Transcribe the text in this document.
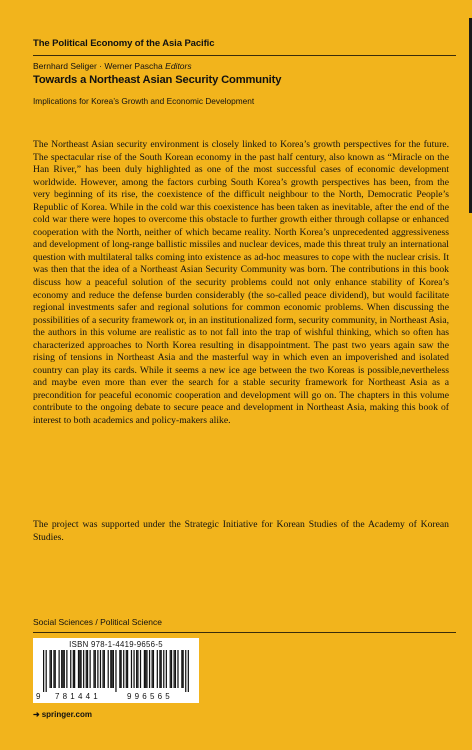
The Political Economy of the Asia Pacific
Bernhard Seliger · Werner Pascha Editors
Towards a Northeast Asian Security Community
Implications for Korea’s Growth and Economic Development

The Northeast Asian security environment is closely linked to Korea’s growth perspectives for the future. The spectacular rise of the South Korean economy in the past half century, also known as “Miracle on the Han River,” has been duly highlighted as one of the most successful cases of economic development worldwide. However, among the factors curbing South Korea’s growth perspectives has been, from the very beginning of its rise, the coexistence of the difficult neighbour to the North, Democratic People’s Republic of Korea. While in the cold war this coexistence has been taken as inevitable, after the end of the cold war there were hopes to overcome this obstacle to further growth either through collapse or enhanced cooperation with the North, neither of which became reality. North Korea’s unprecedented aggressiveness and development of long-range ballistic missiles and nuclear devices, made this threat truly an international question with multilateral talks coming into existence as ad-hoc measures to cope with the nuclear crisis. It was then that the idea of a Northeast Asian Security Community was born. The contributions in this book discuss how a peaceful solution of the security problems could not only enhance stability of Korea’s economy and reduce the defense burden considerably (the so-called peace dividend), but would facilitate regional investments safer and regional solutions for common economic problems. When discussing the possibilities of a security framework or, in an institutionalized form, security community, in Northeast Asia, the authors in this volume are realistic as to not fall into the trap of wishful thinking, which so often has characterized approaches to North Korea resulting in disappointment. The past two years again saw the rising of tensions in Northeast Asia and the masterful way in which even an impoverished and isolated country can play its cards. While it seems a new ice age between the two Koreas is possible,nevertheless and maybe even more than ever the search for a stable security framework for Northeast Asia as a precondition for peaceful economic cooperation and development will go on. The chapters in this volume contribute to the ongoing debate to secure peace and development in Northeast Asia, making this book of interest to both academics and policy-makers alike.

The project was supported under the Strategic Initiative for Korean Studies of the Academy of Korean Studies.

Social Sciences / Political Science
ISBN 978-1-4419-9656-5
9 781441	996565
➜ springer.com
